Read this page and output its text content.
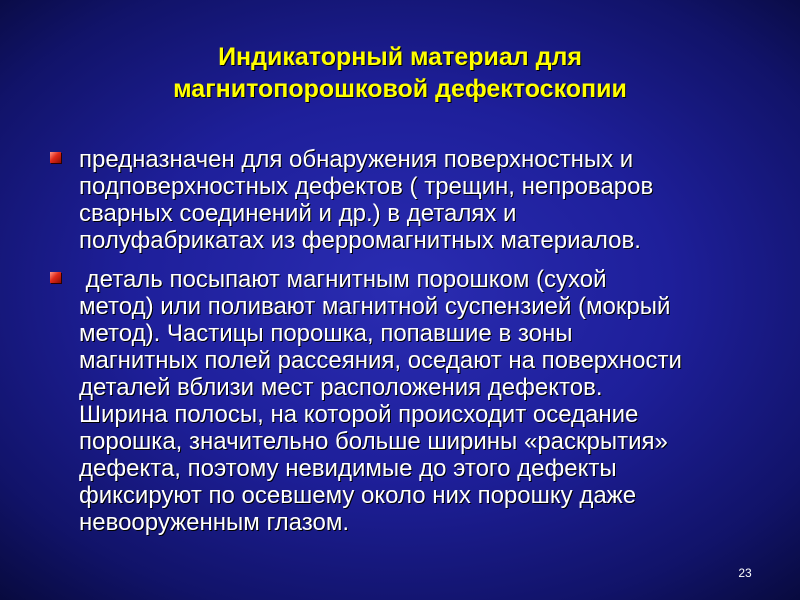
Индикаторный материал для
магнитопорошковой дефектоскопии
предназначен для обнаружения поверхностных и
подповерхностных дефектов ( трещин, непроваров
сварных соединений и др.) в деталях и
полуфабрикатах из ферромагнитных материалов.
деталь посыпают магнитным порошком (сухой
метод) или поливают магнитной суспензией (мокрый
метод). Частицы порошка, попавшие в зоны
магнитных полей рассеяния, оседают на поверхности
деталей вблизи мест расположения дефектов.
Ширина полосы, на которой происходит оседание
порошка, значительно больше ширины «раскрытия»
дефекта, поэтому невидимые до этого дефекты
фиксируют по осевшему около них порошку даже
невооруженным глазом.
23
